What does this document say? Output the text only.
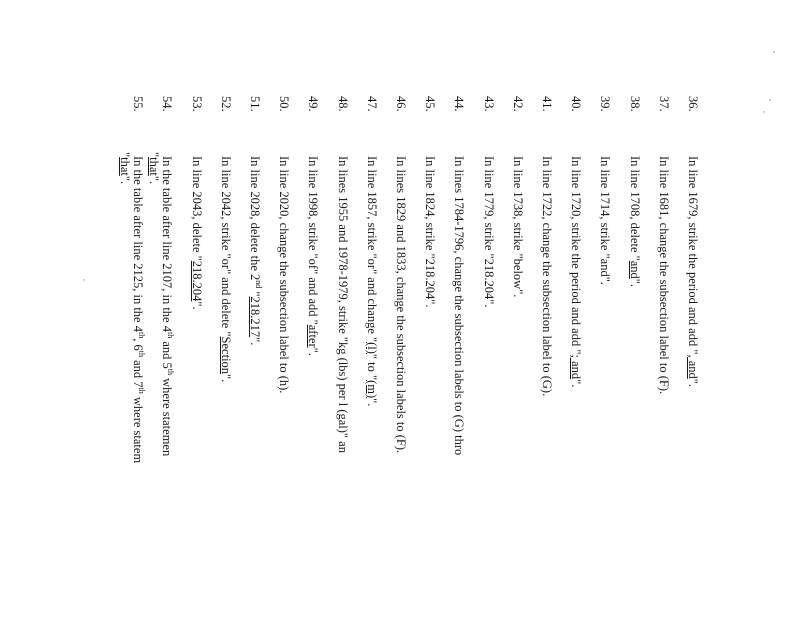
36.
In line 1679, strike the period and add ", and".
37.
In line 1681, change the subsection label to (F).
38.
In line 1708, delete "and".
39.
In line 1714, strike "and".
40.
In line 1720, strike the period and add "; and".
41.
In line 1722, change the subsection label to (G).
42.
In line 1738, strike "below".
43.
In line 1779, strike "218.204".
44.
In lines 1784-1796, change the subsection labels to (G) thro
45.
In line 1824, strike "218.204".
46.
In lines 1829 and 1833, change the subsection labels to (F).
47.
In line 1857, strike "or" and change "(l)" to "(m)".
48.
In lines 1955 and 1978-1979, strike "kg (lbs) per l (gal)" an
49.
In line 1998, strike "of" and add "after".
50.
In line 2020, change the subsection label to (h).
51.
In line 2028, delete the 2nd "218.217".
52.
In line 2042, strike "or" and delete "Section".
53.
In line 2043, delete "218.204".
54.
In the table after line 2107, in the 4th and 5th where statemen
"that".
55.
In the table after line 2125, in the 4th, 6th and 7th where statem
"that".
